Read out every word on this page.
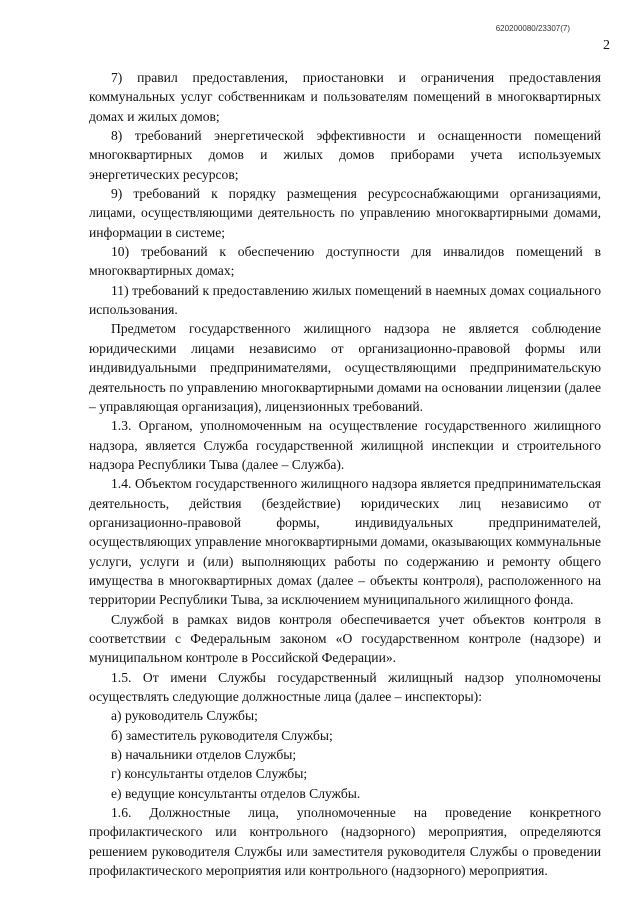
620200080/23307(7)
2

7) правил предоставления, приостановки и ограничения предоставления коммунальных услуг собственникам и пользователям помещений в многоквартирных домах и жилых домов;

8) требований энергетической эффективности и оснащенности помещений многоквартирных домов и жилых домов приборами учета используемых энергетических ресурсов;

9) требований к порядку размещения ресурсоснабжающими организациями, лицами, осуществляющими деятельность по управлению многоквартирными домами, информации в системе;

10) требований к обеспечению доступности для инвалидов помещений в многоквартирных домах;

11) требований к предоставлению жилых помещений в наемных домах социального использования.

Предметом государственного жилищного надзора не является соблюдение юридическими лицами независимо от организационно-правовой формы или индивидуальными предпринимателями, осуществляющими предпринимательскую деятельность по управлению многоквартирными домами на основании лицензии (далее – управляющая организация), лицензионных требований.

1.3. Органом, уполномоченным на осуществление государственного жилищного надзора, является Служба государственной жилищной инспекции и строительного надзора Республики Тыва (далее – Служба).

1.4. Объектом государственного жилищного надзора является предпринимательская деятельность, действия (бездействие) юридических лиц независимо от организационно-правовой формы, индивидуальных предпринимателей, осуществляющих управление многоквартирными домами, оказывающих коммунальные услуги, услуги и (или) выполняющих работы по содержанию и ремонту общего имущества в многоквартирных домах (далее – объекты контроля), расположенного на территории Республики Тыва, за исключением муниципального жилищного фонда.

Службой в рамках видов контроля обеспечивается учет объектов контроля в соответствии с Федеральным законом «О государственном контроле (надзоре) и муниципальном контроле в Российской Федерации».

1.5. От имени Службы государственный жилищный надзор уполномочены осуществлять следующие должностные лица (далее – инспекторы):

а) руководитель Службы;

б) заместитель руководителя Службы;

в) начальники отделов Службы;

г) консультанты отделов Службы;

е) ведущие консультанты отделов Службы.

1.6. Должностные лица, уполномоченные на проведение конкретного профилактического или контрольного (надзорного) мероприятия, определяются решением руководителя Службы или заместителя руководителя Службы о проведении профилактического мероприятия или контрольного (надзорного) мероприятия.
